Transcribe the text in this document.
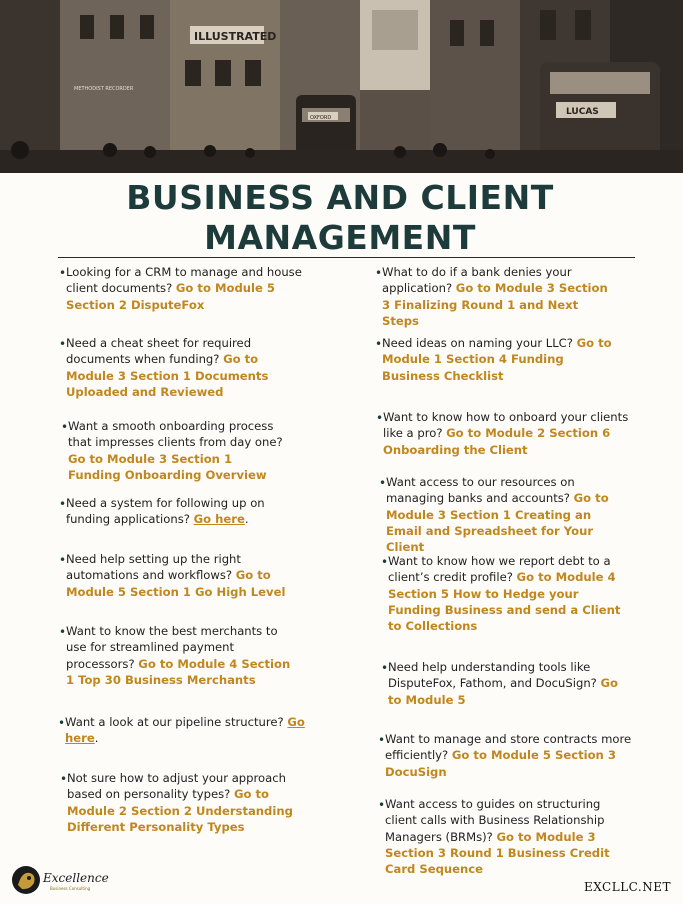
ILLUSTRATED
METHODIST RECORDER
OXFORD
LUCAS
BUSINESS AND CLIENT
MANAGEMENT
• Looking for a CRM to manage and house client documents? Go to Module 5 Section 2 DisputeFox
• Need a cheat sheet for required documents when funding? Go to Module 3 Section 1 Documents Uploaded and Reviewed
• Want a smooth onboarding process that impresses clients from day one? Go to Module 3 Section 1 Funding Onboarding Overview
• Need a system for following up on funding applications? Go here.
• Need help setting up the right automations and workflows? Go to Module 5 Section 1 Go High Level
• Want to know the best merchants to use for streamlined payment processors? Go to Module 4 Section 1 Top 30 Business Merchants
• Want a look at our pipeline structure? Go here.
• Not sure how to adjust your approach based on personality types? Go to Module 2 Section 2 Understanding Different Personality Types
• What to do if a bank denies your application? Go to Module 3 Section 3 Finalizing Round 1 and Next Steps
• Need ideas on naming your LLC? Go to Module 1 Section 4 Funding Business Checklist
• Want to know how to onboard your clients like a pro? Go to Module 2 Section 6 Onboarding the Client
• Want access to our resources on managing banks and accounts? Go to Module 3 Section 1 Creating an Email and Spreadsheet for Your Client
• Want to know how we report debt to a client’s credit profile? Go to Module 4 Section 5 How to Hedge your Funding Business and send a Client to Collections
• Need help understanding tools like DisputeFox, Fathom, and DocuSign? Go to Module 5
• Want to manage and store contracts more efficiently? Go to Module 5 Section 3 DocuSign
• Want access to guides on structuring client calls with Business Relationship Managers (BRMs)? Go to Module 3 Section 3 Round 1 Business Credit Card Sequence
Excellence
Business Consulting	EXCLLC.NET
